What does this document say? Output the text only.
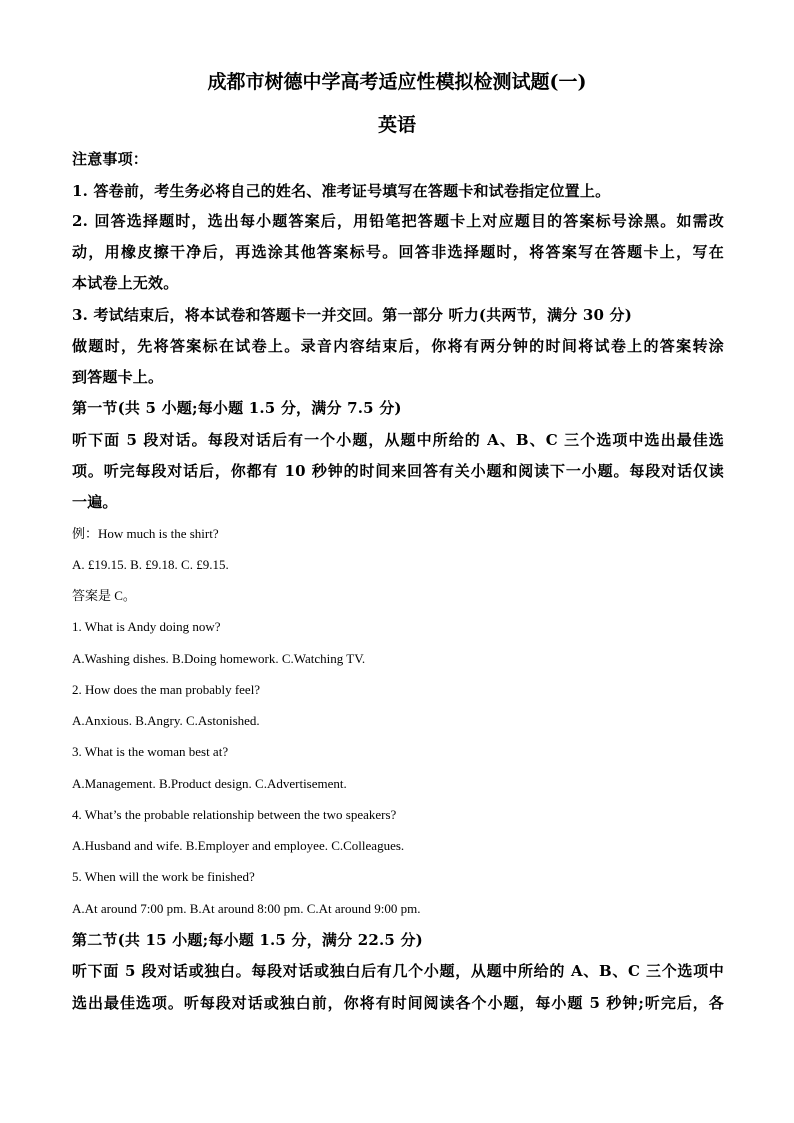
成都市树德中学高考适应性模拟检测试题(一)
英语
注意事项：
1. 答卷前，考生务必将自己的姓名、准考证号填写在答题卡和试卷指定位置上。
2. 回答选择题时，选出每小题答案后，用铅笔把答题卡上对应题目的答案标号涂黑。如需改
动，用橡皮擦干净后，再选涂其他答案标号。回答非选择题时，将答案写在答题卡上，写在
本试卷上无效。
3. 考试结束后，将本试卷和答题卡一并交回。第一部分 听力(共两节，满分 30 分)
做题时，先将答案标在试卷上。录音内容结束后，你将有两分钟的时间将试卷上的答案转涂
到答题卡上。
第一节(共 5 小题;每小题 1.5 分，满分 7.5 分)
听下面 5 段对话。每段对话后有一个小题，从题中所给的 A、B、C 三个选项中选出最佳选
项。听完每段对话后，你都有 10 秒钟的时间来回答有关小题和阅读下一小题。每段对话仅读
一遍。
例：How much is the shirt?
A. £19.15. B. £9.18. C. £9.15.
答案是 C。
1. What is Andy doing now?
A.Washing dishes. B.Doing homework. C.Watching TV.
2. How does the man probably feel?
A.Anxious. B.Angry. C.Astonished.
3. What is the woman best at?
A.Management. B.Product design. C.Advertisement.
4. What’s the probable relationship between the two speakers?
A.Husband and wife. B.Employer and employee. C.Colleagues.
5. When will the work be finished?
A.At around 7:00 pm. B.At around 8:00 pm. C.At around 9:00 pm.
第二节(共 15 小题;每小题 1.5 分，满分 22.5 分)
听下面 5 段对话或独白。每段对话或独白后有几个小题，从题中所给的 A、B、C 三个选项中
选出最佳选项。听每段对话或独白前，你将有时间阅读各个小题，每小题 5 秒钟;听完后，各
